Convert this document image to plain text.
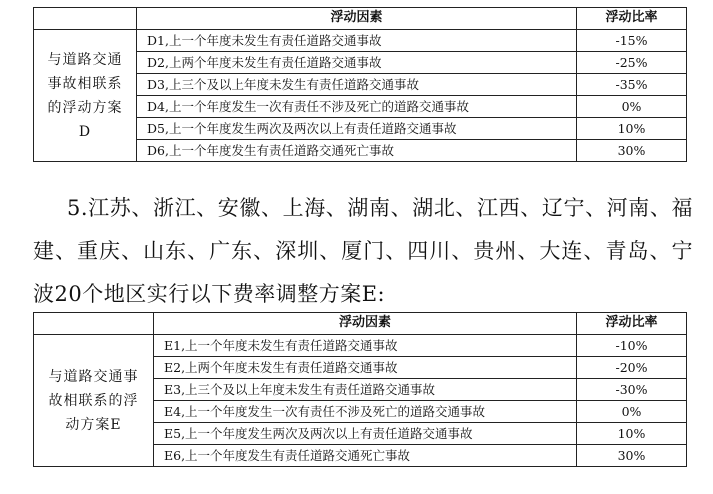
	浮动因素	浮动比率
与道路交通事故相联系的浮动方案D	D1,上一个年度未发生有责任道路交通事故	-15%
	D2,上两个年度未发生有责任道路交通事故	-25%
	D3,上三个及以上年度未发生有责任道路交通事故	-35%
	D4,上一个年度发生一次有责任不涉及死亡的道路交通事故	0%
	D5,上一个年度发生两次及两次以上有责任道路交通事故	10%
	D6,上一个年度发生有责任道路交通死亡事故	30%
5.江苏、浙江、安徽、上海、湖南、湖北、江西、辽宁、河南、福建、重庆、山东、广东、深圳、厦门、四川、贵州、大连、青岛、宁波20个地区实行以下费率调整方案E:
	浮动因素	浮动比率
与道路交通事故相联系的浮动方案E	E1,上一个年度未发生有责任道路交通事故	-10%
	E2,上两个年度未发生有责任道路交通事故	-20%
	E3,上三个及以上年度未发生有责任道路交通事故	-30%
	E4,上一个年度发生一次有责任不涉及死亡的道路交通事故	0%
	E5,上一个年度发生两次及两次以上有责任道路交通事故	10%
	E6,上一个年度发生有责任道路交通死亡事故	30%
